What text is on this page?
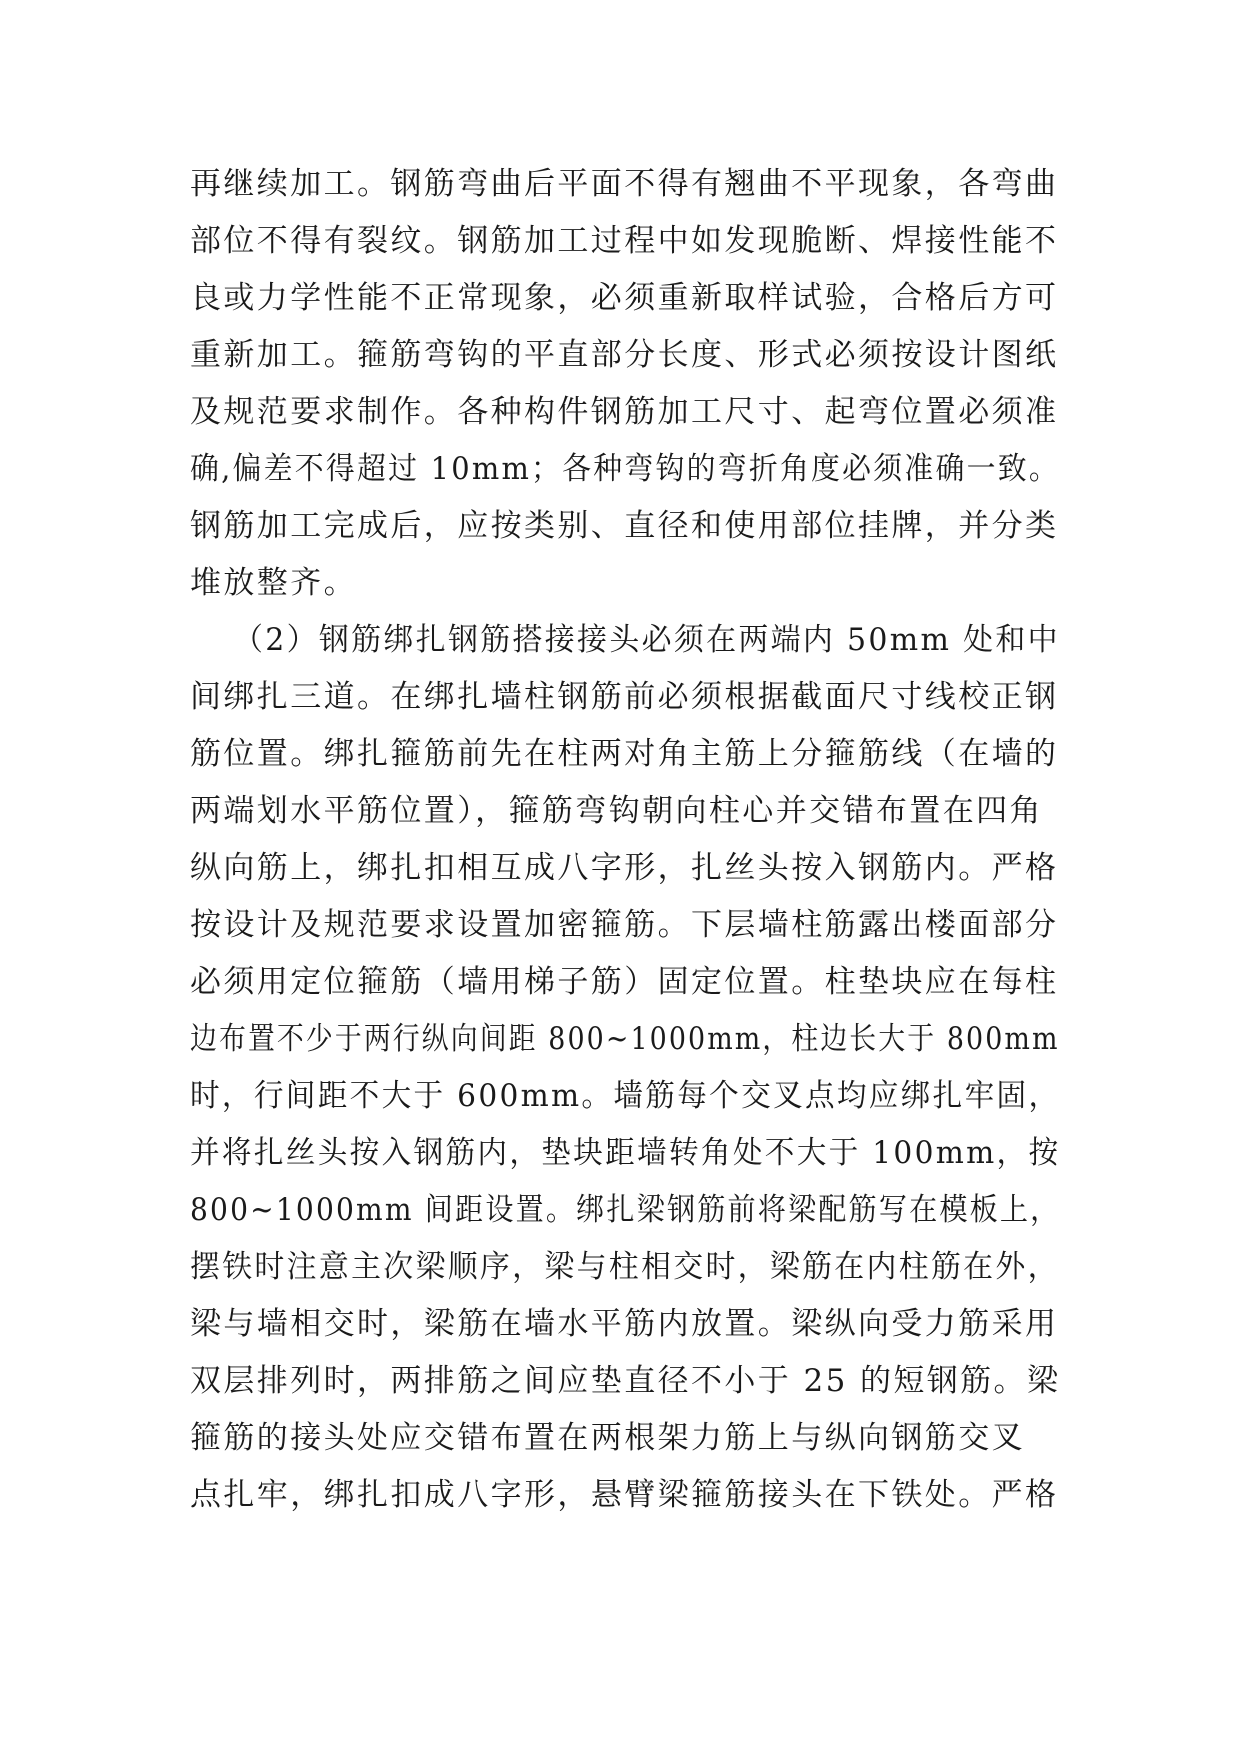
再继续加工。钢筋弯曲后平面不得有翘曲不平现象，各弯曲
部位不得有裂纹。钢筋加工过程中如发现脆断、焊接性能不
良或力学性能不正常现象，必须重新取样试验，合格后方可
重新加工。箍筋弯钩的平直部分长度、形式必须按设计图纸
及规范要求制作。各种构件钢筋加工尺寸、起弯位置必须准
确,偏差不得超过 10mm；各种弯钩的弯折角度必须准确一致。
钢筋加工完成后，应按类别、直径和使用部位挂牌，并分类
堆放整齐。
（2）钢筋绑扎钢筋搭接接头必须在两端内 50mm 处和中
间绑扎三道。在绑扎墙柱钢筋前必须根据截面尺寸线校正钢
筋位置。绑扎箍筋前先在柱两对角主筋上分箍筋线（在墙的
两端划水平筋位置），箍筋弯钩朝向柱心并交错布置在四角
纵向筋上，绑扎扣相互成八字形，扎丝头按入钢筋内。严格
按设计及规范要求设置加密箍筋。下层墙柱筋露出楼面部分
必须用定位箍筋（墙用梯子筋）固定位置。柱垫块应在每柱
边布置不少于两行纵向间距 800~1000mm，柱边长大于 800mm
时，行间距不大于 600mm。墙筋每个交叉点均应绑扎牢固，
并将扎丝头按入钢筋内，垫块距墙转角处不大于 100mm，按
800~1000mm 间距设置。绑扎梁钢筋前将梁配筋写在模板上，
摆铁时注意主次梁顺序，梁与柱相交时，梁筋在内柱筋在外，
梁与墙相交时，梁筋在墙水平筋内放置。梁纵向受力筋采用
双层排列时，两排筋之间应垫直径不小于 25 的短钢筋。梁
箍筋的接头处应交错布置在两根架力筋上与纵向钢筋交叉
点扎牢，绑扎扣成八字形，悬臂梁箍筋接头在下铁处。严格
